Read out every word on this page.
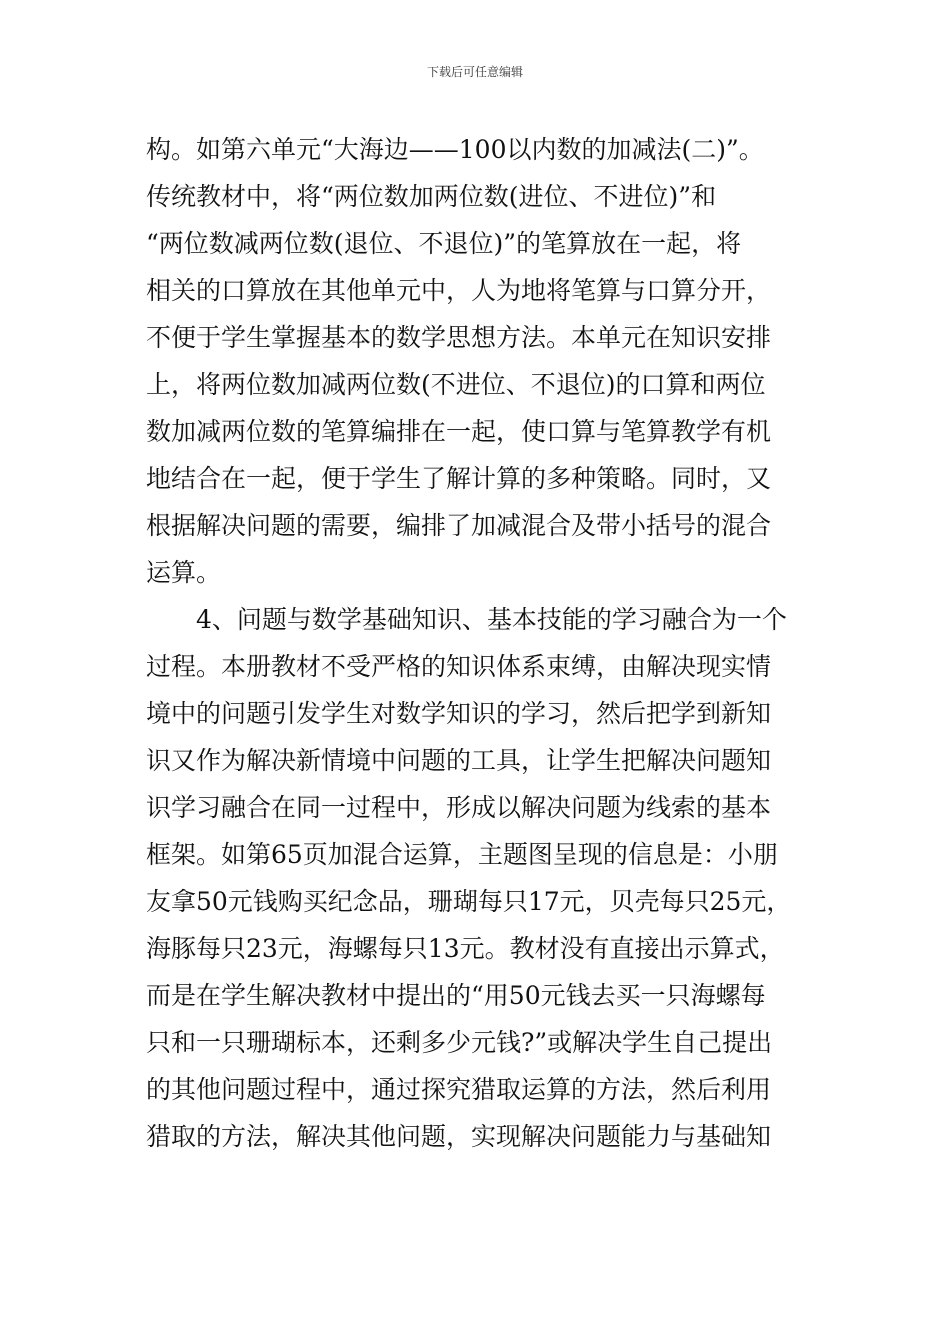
下载后可任意编辑
构。如第六单元“大海边——100以内数的加减法(二)”。
传统教材中，将“两位数加两位数(进位、不进位)”和
“两位数减两位数(退位、不退位)”的笔算放在一起，将
相关的口算放在其他单元中，人为地将笔算与口算分开，
不便于学生掌握基本的数学思想方法。本单元在知识安排
上，将两位数加减两位数(不进位、不退位)的口算和两位
数加减两位数的笔算编排在一起，使口算与笔算教学有机
地结合在一起，便于学生了解计算的多种策略。同时，又
根据解决问题的需要，编排了加减混合及带小括号的混合
运算。
4、问题与数学基础知识、基本技能的学习融合为一个
过程。本册教材不受严格的知识体系束缚，由解决现实情
境中的问题引发学生对数学知识的学习，然后把学到新知
识又作为解决新情境中问题的工具，让学生把解决问题知
识学习融合在同一过程中，形成以解决问题为线索的基本
框架。如第65页加混合运算，主题图呈现的信息是：小朋
友拿50元钱购买纪念品，珊瑚每只17元，贝壳每只25元，
海豚每只23元，海螺每只13元。教材没有直接出示算式，
而是在学生解决教材中提出的“用50元钱去买一只海螺每
只和一只珊瑚标本，还剩多少元钱?”或解决学生自己提出
的其他问题过程中，通过探究猎取运算的方法，然后利用
猎取的方法，解决其他问题，实现解决问题能力与基础知
